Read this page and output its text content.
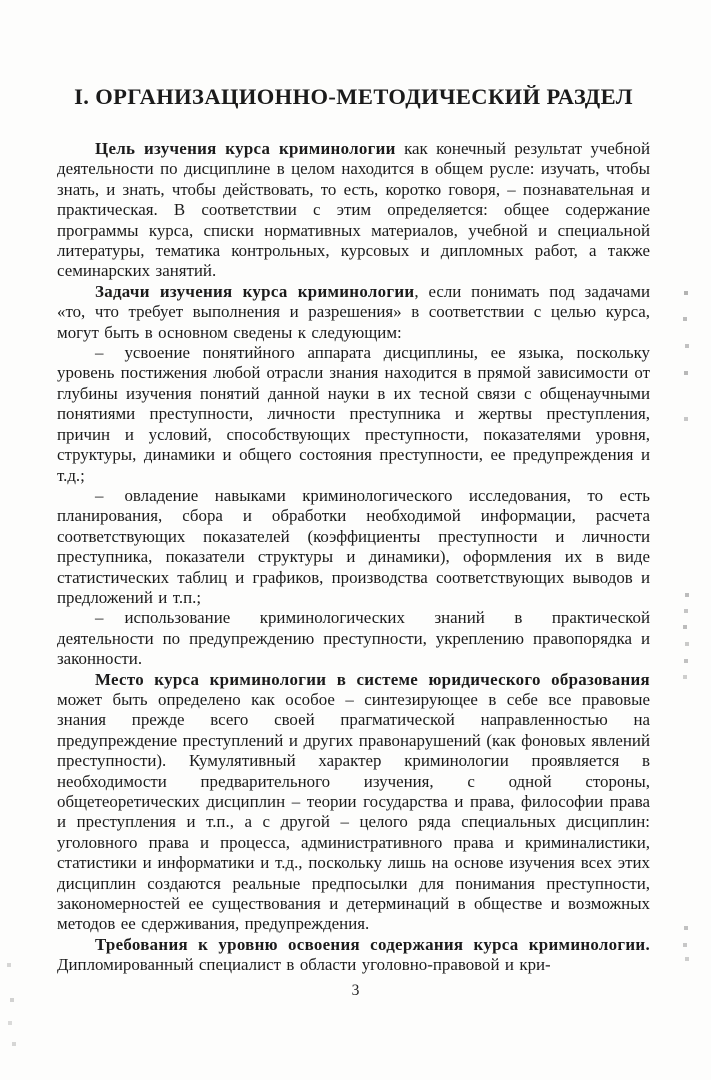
I. ОРГАНИЗАЦИОННО-МЕТОДИЧЕСКИЙ РАЗДЕЛ

Цель изучения курса криминологии как конечный результат учебной деятельности по дисциплине в целом находится в общем русле: изучать, чтобы знать, и знать, чтобы действовать, то есть, коротко говоря, – познавательная и практическая. В соответствии с этим определяется: общее содержание программы курса, списки нормативных материалов, учебной и специальной литературы, тематика контрольных, курсовых и дипломных работ, а также семинарских занятий.

Задачи изучения курса криминологии, если понимать под задачами «то, что требует выполнения и разрешения» в соответствии с целью курса, могут быть в основном сведены к следующим:

– усвоение понятийного аппарата дисциплины, ее языка, поскольку уровень постижения любой отрасли знания находится в прямой зависимости от глубины изучения понятий данной науки в их тесной связи с общенаучными понятиями преступности, личности преступника и жертвы преступления, причин и условий, способствующих преступности, показателями уровня, структуры, динамики и общего состояния преступности, ее предупреждения и т.д.;

– овладение навыками криминологического исследования, то есть планирования, сбора и обработки необходимой информации, расчета соответствующих показателей (коэффициенты преступности и личности преступника, показатели структуры и динамики), оформления их в виде статистических таблиц и графиков, производства соответствующих выводов и предложений и т.п.;

– использование криминологических знаний в практической деятельности по предупреждению преступности, укреплению правопорядка и законности.

Место курса криминологии в системе юридического образования может быть определено как особое – синтезирующее в себе все правовые знания прежде всего своей прагматической направленностью на предупреждение преступлений и других правонарушений (как фоновых явлений преступности). Кумулятивный характер криминологии проявляется в необходимости предварительного изучения, с одной стороны, общетеоретических дисциплин – теории государства и права, философии права и преступления и т.п., а с другой – целого ряда специальных дисциплин: уголовного права и процесса, административного права и криминалистики, статистики и информатики и т.д., поскольку лишь на основе изучения всех этих дисциплин создаются реальные предпосылки для понимания преступности, закономерностей ее существования и детерминаций в обществе и возможных методов ее сдерживания, предупреждения.

Требования к уровню освоения содержания курса криминологии. Дипломированный специалист в области уголовно-правовой и кри-

3
